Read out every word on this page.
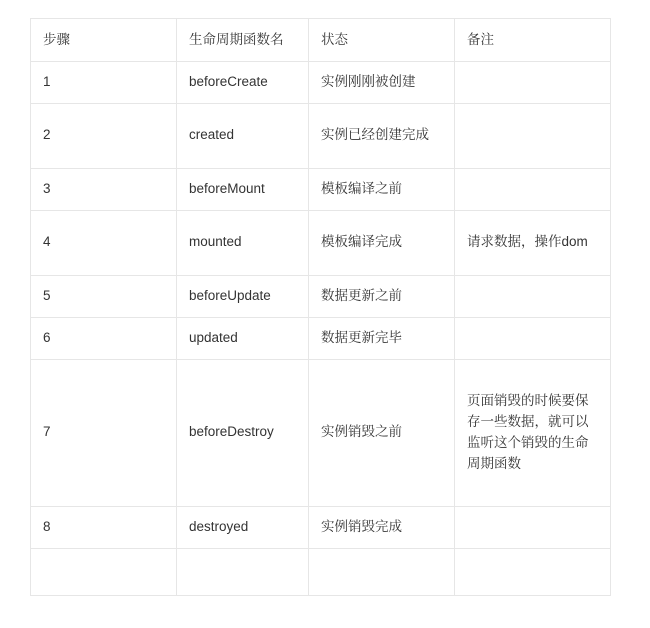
步骤	生命周期函数名	状态	备注
1	beforeCreate	实例刚刚被创建	
2	created	实例已经创建完成	
3	beforeMount	模板编译之前	
4	mounted	模板编译完成	请求数据，操作dom
5	beforeUpdate	数据更新之前	
6	updated	数据更新完毕	
7	beforeDestroy	实例销毁之前	页面销毁的时候要保存一些数据，就可以监听这个销毁的生命周期函数
8	destroyed	实例销毁完成	
